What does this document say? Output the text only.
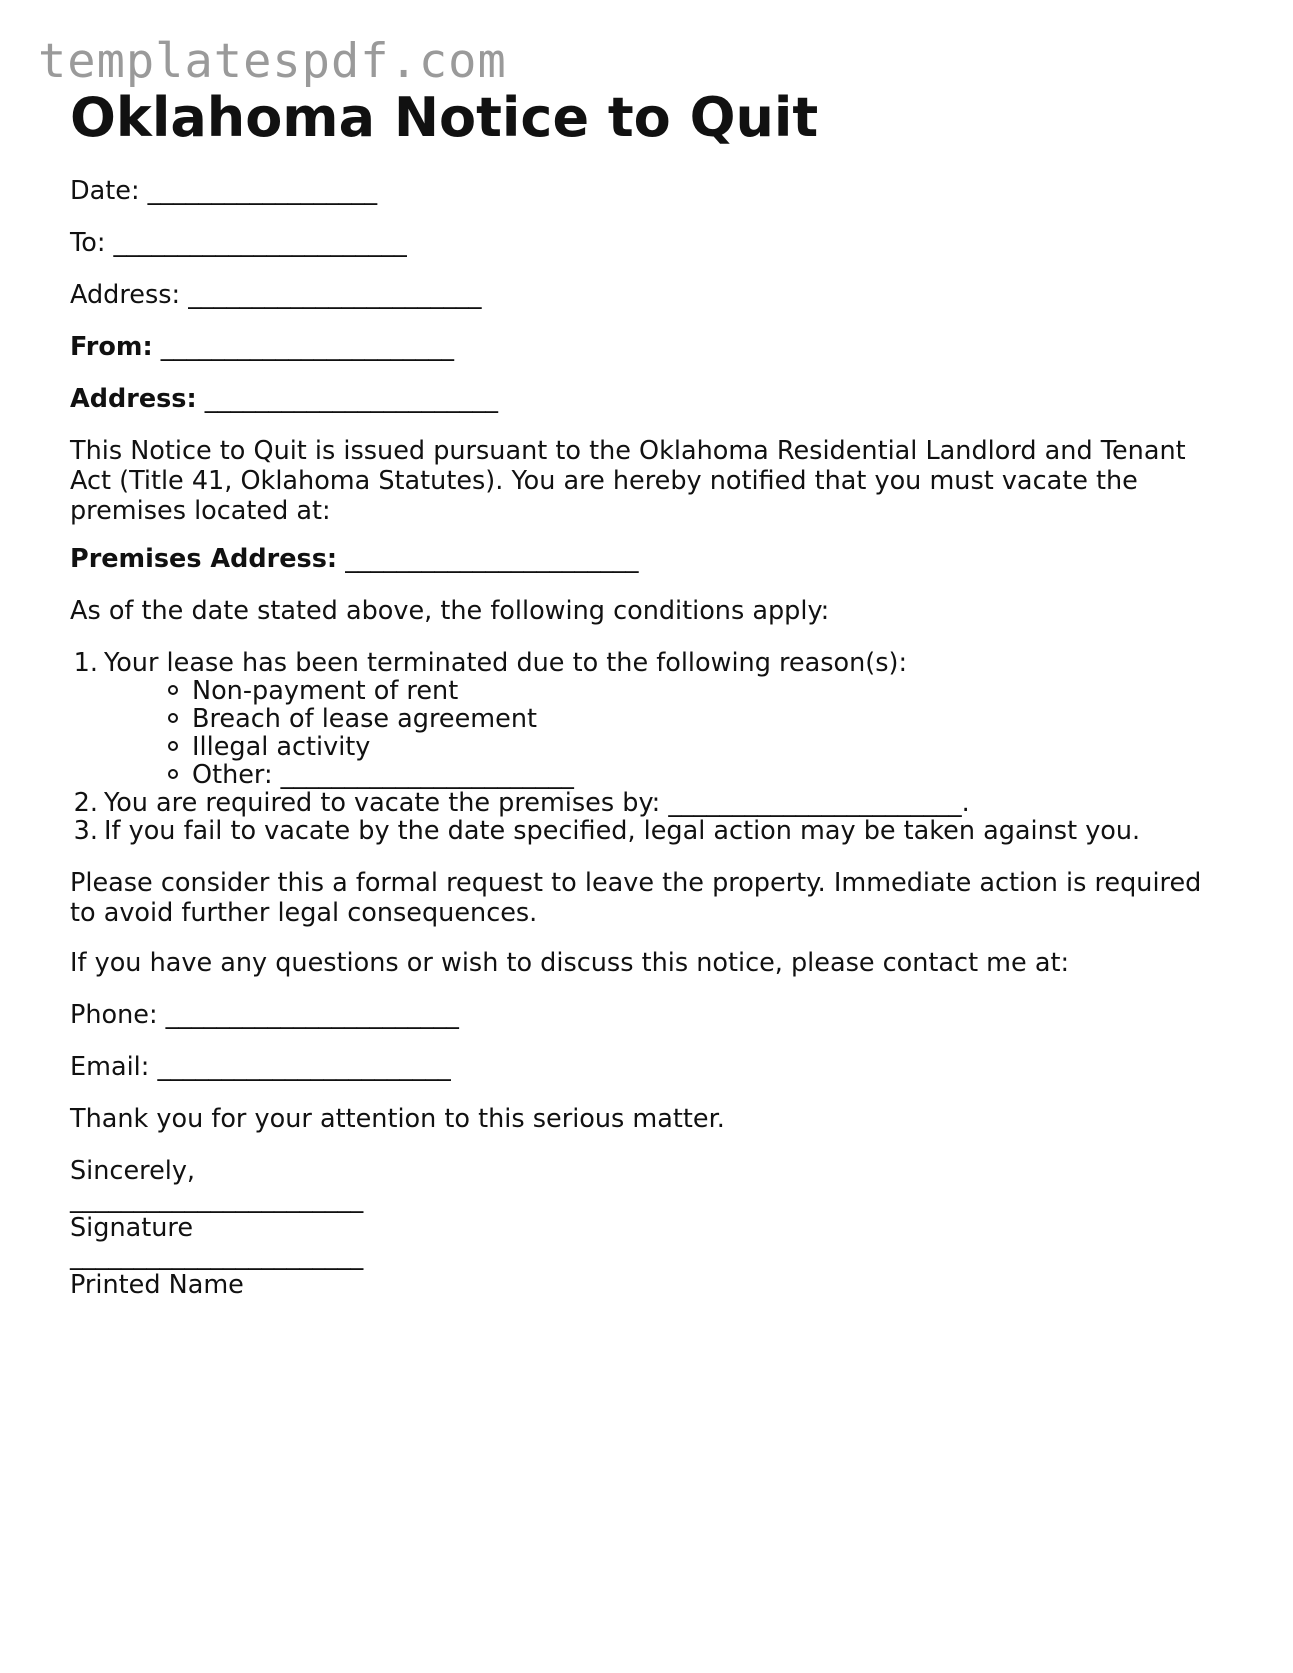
templatespdf.com
Oklahoma Notice to Quit

Date: __________________

To: _______________________

Address: _______________________

From: _______________________

Address: _______________________

This Notice to Quit is issued pursuant to the Oklahoma Residential Landlord and Tenant Act (Title 41, Oklahoma Statutes). You are hereby notified that you must vacate the premises located at:

Premises Address: _______________________

As of the date stated above, the following conditions apply:

1. Your lease has been terminated due to the following reason(s):

Non-payment of rent

Breach of lease agreement

Illegal activity

Other: _______________________

2. You are required to vacate the premises by: _______________________.

3. If you fail to vacate by the date specified, legal action may be taken against you.

Please consider this a formal request to leave the property. Immediate action is required to avoid further legal consequences.

If you have any questions or wish to discuss this notice, please contact me at:

Phone: _______________________

Email: _______________________

Thank you for your attention to this serious matter.

Sincerely,

_______________________

Signature

_______________________

Printed Name
